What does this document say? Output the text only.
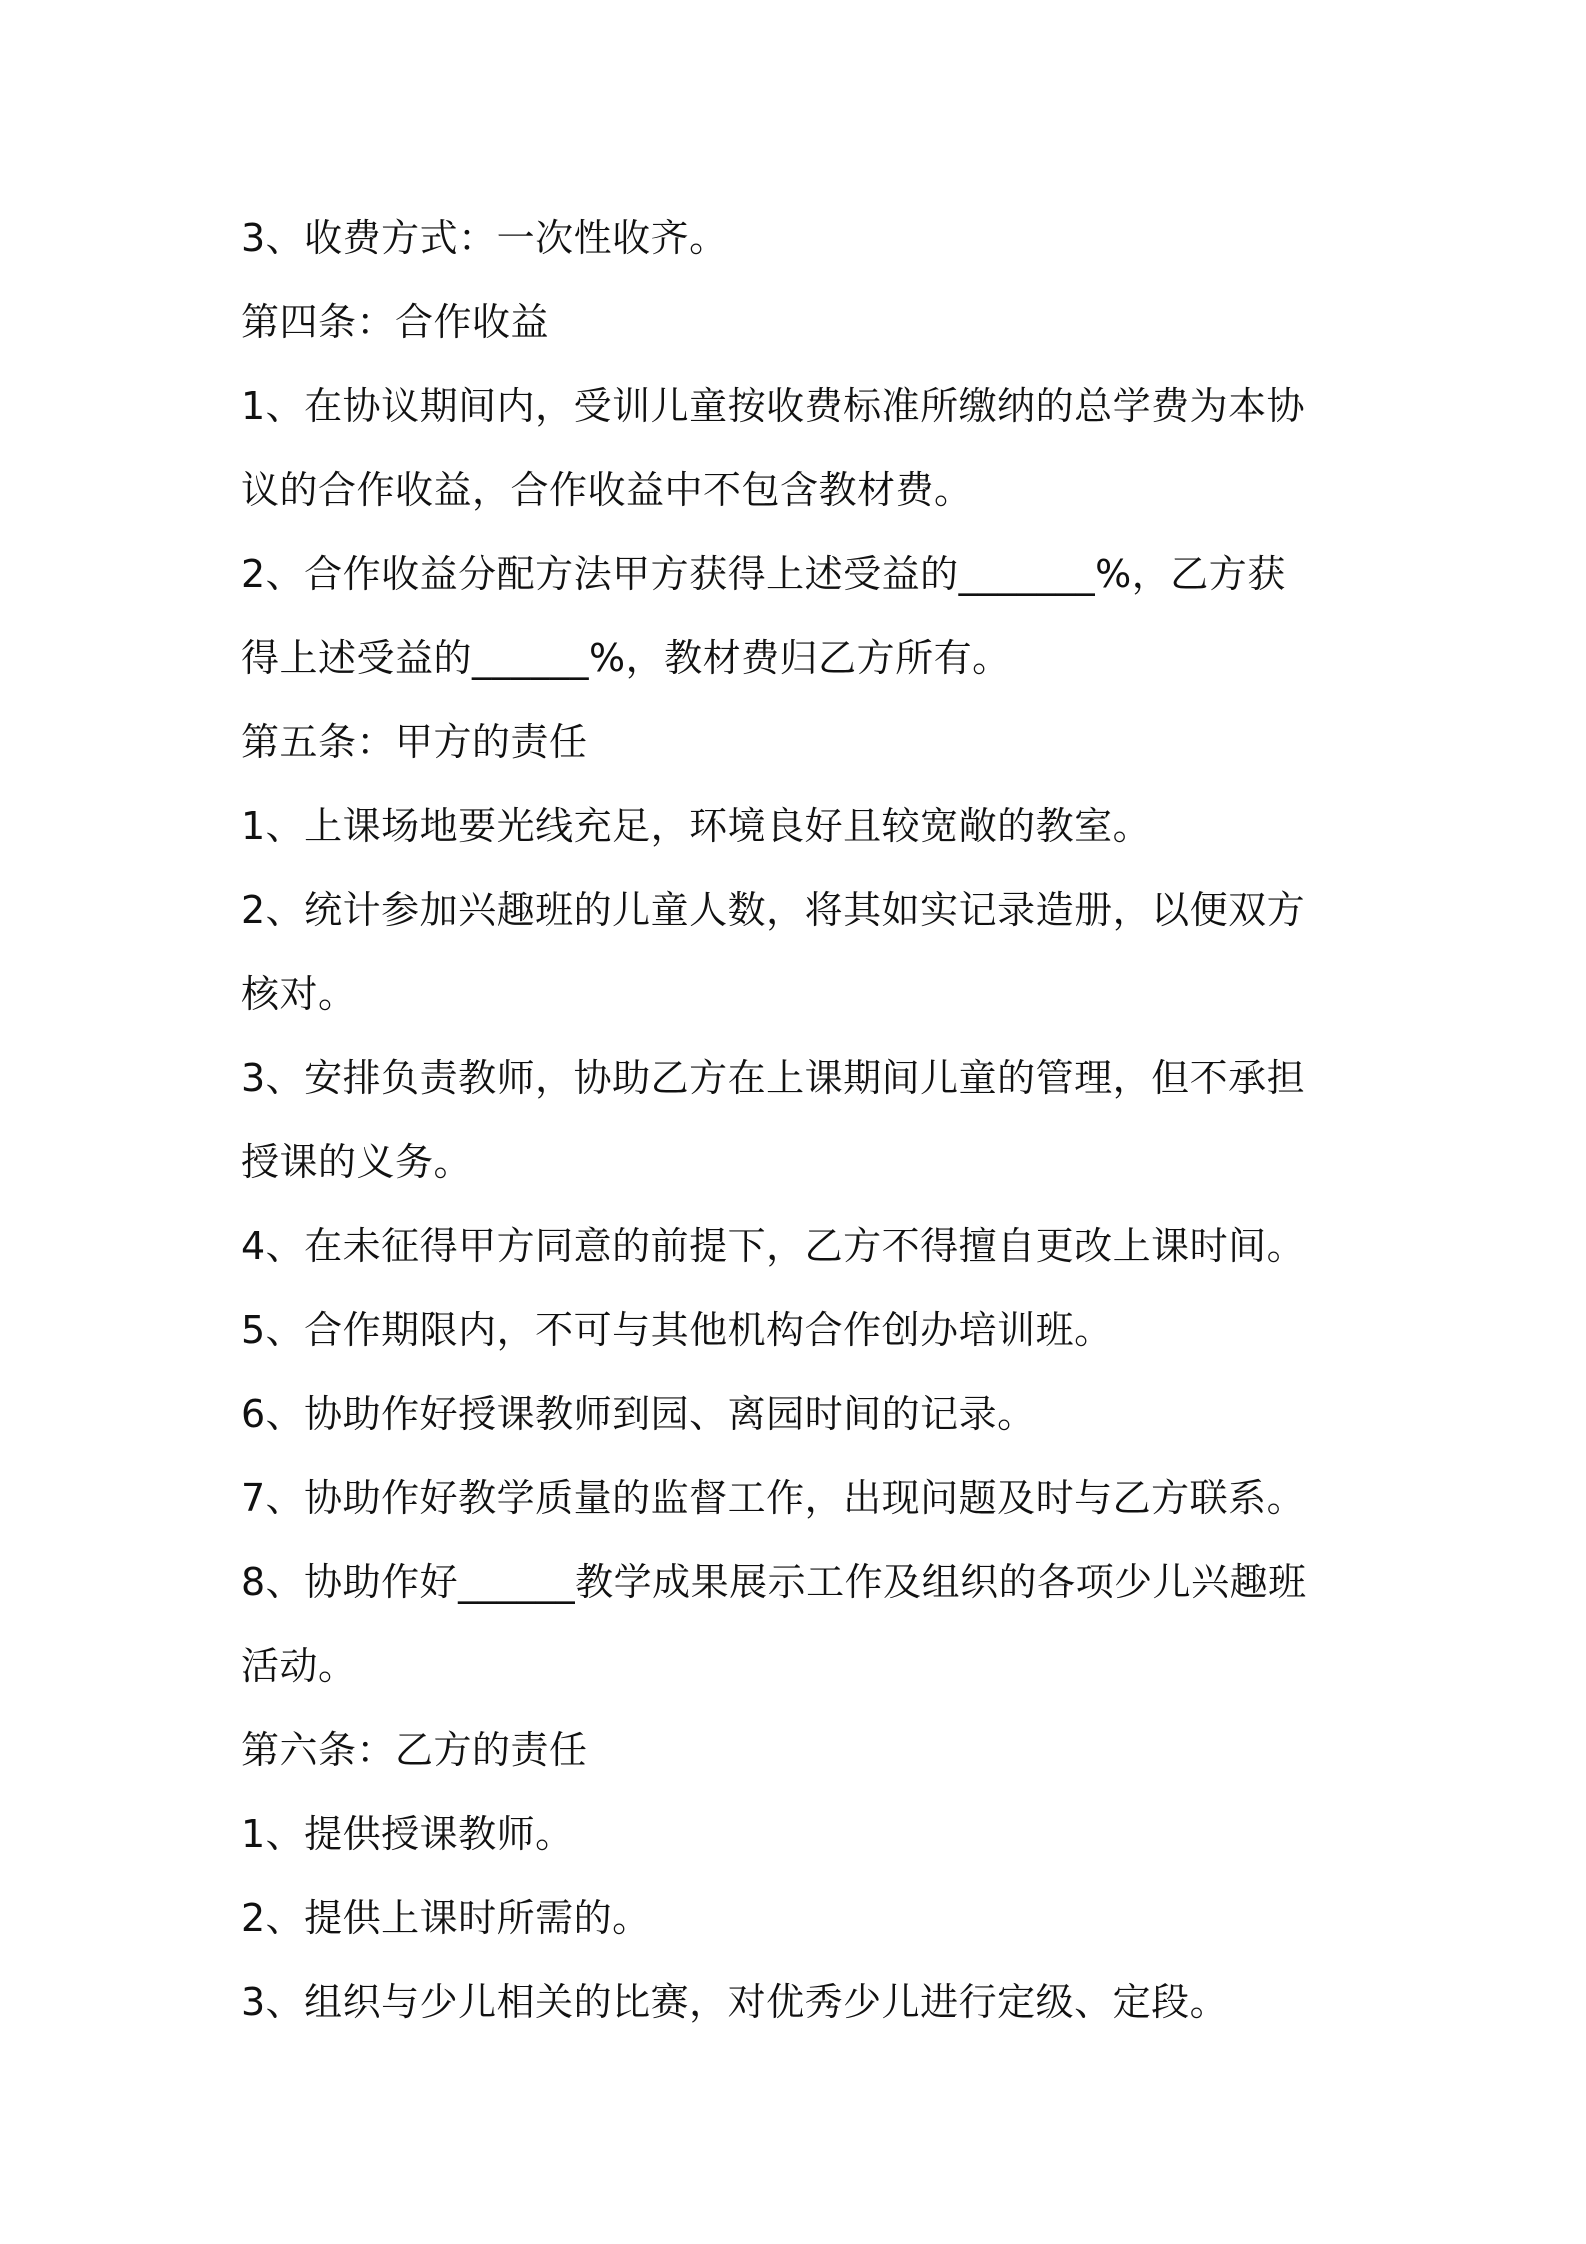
3、收费方式：一次性收齐。
第四条：合作收益
1、在协议期间内，受训儿童按收费标准所缴纳的总学费为本协
议的合作收益，合作收益中不包含教材费。
2、合作收益分配方法甲方获得上述受益的_______%，乙方获
得上述受益的______%，教材费归乙方所有。
第五条：甲方的责任
1、上课场地要光线充足，环境良好且较宽敞的教室。
2、统计参加兴趣班的儿童人数，将其如实记录造册，以便双方
核对。
3、安排负责教师，协助乙方在上课期间儿童的管理，但不承担
授课的义务。
4、在未征得甲方同意的前提下，乙方不得擅自更改上课时间。
5、合作期限内，不可与其他机构合作创办培训班。
6、协助作好授课教师到园、离园时间的记录。
7、协助作好教学质量的监督工作，出现问题及时与乙方联系。
8、协助作好______教学成果展示工作及组织的各项少儿兴趣班
活动。
第六条：乙方的责任
1、提供授课教师。
2、提供上课时所需的。
3、组织与少儿相关的比赛，对优秀少儿进行定级、定段。
